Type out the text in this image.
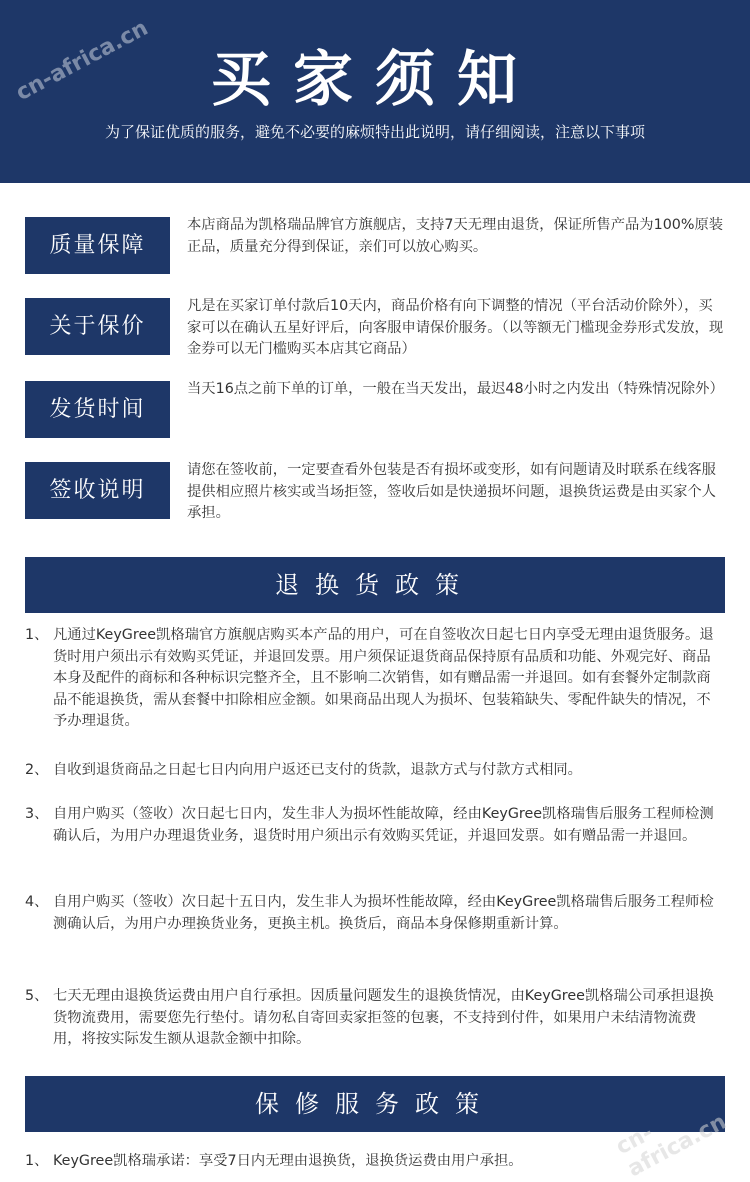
cn-africa.cn 买家须知
为了保证优质的服务，避免不必要的麻烦特出此说明，请仔细阅读，注意以下事项
质量保障
本店商品为凯格瑞品牌官方旗舰店，支持7天无理由退货，保证所售产品为100%原装正品，质量充分得到保证，亲们可以放心购买。
关于保价
凡是在买家订单付款后10天内，商品价格有向下调整的情况（平台活动价除外），买家可以在确认五星好评后，向客服申请保价服务。（以等额无门槛现金券形式发放，现金券可以无门槛购买本店其它商品）
发货时间
当天16点之前下单的订单，一般在当天发出，最迟48小时之内发出（特殊情况除外）
签收说明
请您在签收前，一定要查看外包装是否有损坏或变形，如有问题请及时联系在线客服提供相应照片核实或当场拒签，签收后如是快递损坏问题，退换货运费是由买家个人承担。
退换货政策
1、 凡通过KeyGree凯格瑞官方旗舰店购买本产品的用户，可在自签收次日起七日内享受无理由退货服务。退货时用户须出示有效购买凭证，并退回发票。用户须保证退货商品保持原有品质和功能、外观完好、商品本身及配件的商标和各种标识完整齐全，且不影响二次销售，如有赠品需一并退回。如有套餐外定制款商品不能退换货，需从套餐中扣除相应金额。如果商品出现人为损坏、包装箱缺失、零配件缺失的情况，不予办理退货。
2、 自收到退货商品之日起七日内向用户返还已支付的货款，退款方式与付款方式相同。
3、 自用户购买（签收）次日起七日内，发生非人为损坏性能故障，经由KeyGree凯格瑞售后服务工程师检测确认后，为用户办理退货业务，退货时用户须出示有效购买凭证，并退回发票。如有赠品需一并退回。
4、 自用户购买（签收）次日起十五日内，发生非人为损坏性能故障，经由KeyGree凯格瑞售后服务工程师检测确认后，为用户办理换货业务，更换主机。换货后，商品本身保修期重新计算。
5、 七天无理由退换货运费由用户自行承担。因质量问题发生的退换货情况，由KeyGree凯格瑞公司承担退换货物流费用，需要您先行垫付。请勿私自寄回卖家拒签的包裹，不支持到付件，如果用户未结清物流费用，将按实际发生额从退款金额中扣除。
保修服务政策
cn-africa.cn
1、 KeyGree凯格瑞承诺：享受7日内无理由退换货，退换货运费由用户承担。
